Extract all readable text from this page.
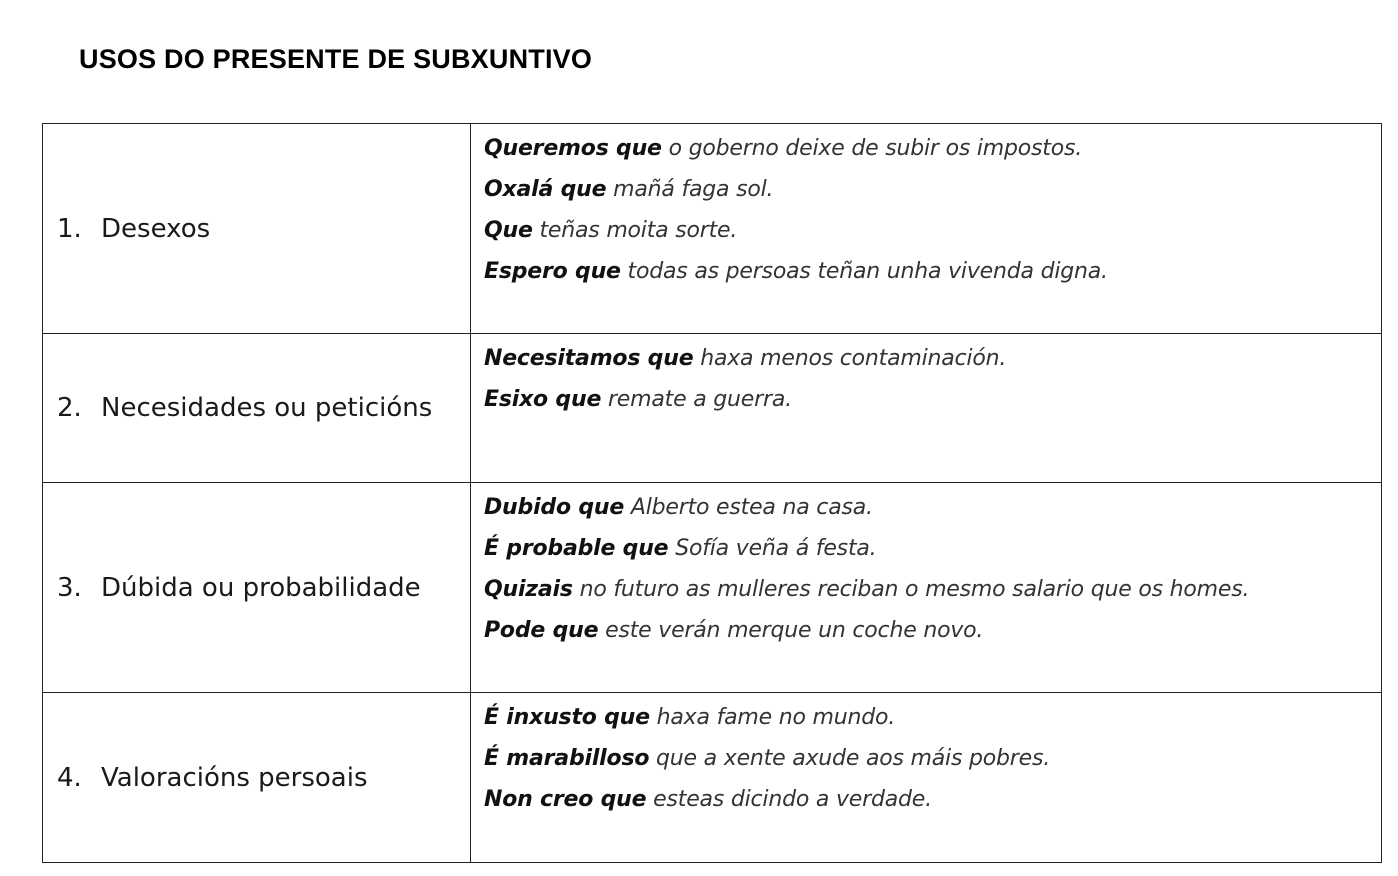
USOS DO PRESENTE DE SUBXUNTIVO
1. Desexos	Queremos que o goberno deixe de subir os impostos.
Oxalá que mañá faga sol.
Que teñas moita sorte.
Espero que todas as persoas teñan unha vivenda digna.

2. Necesidades ou peticións	Necesitamos que haxa menos contaminación.
Esixo que remate a guerra.

3. Dúbida ou probabilidade	Dubido que Alberto estea na casa.
É probable que Sofía veña á festa.
Quizais no futuro as mulleres reciban o mesmo salario que os homes.
Pode que este verán merque un coche novo.

4. Valoracións persoais	É inxusto que haxa fame no mundo.
É marabilloso que a xente axude aos máis pobres.
Non creo que esteas dicindo a verdade.
